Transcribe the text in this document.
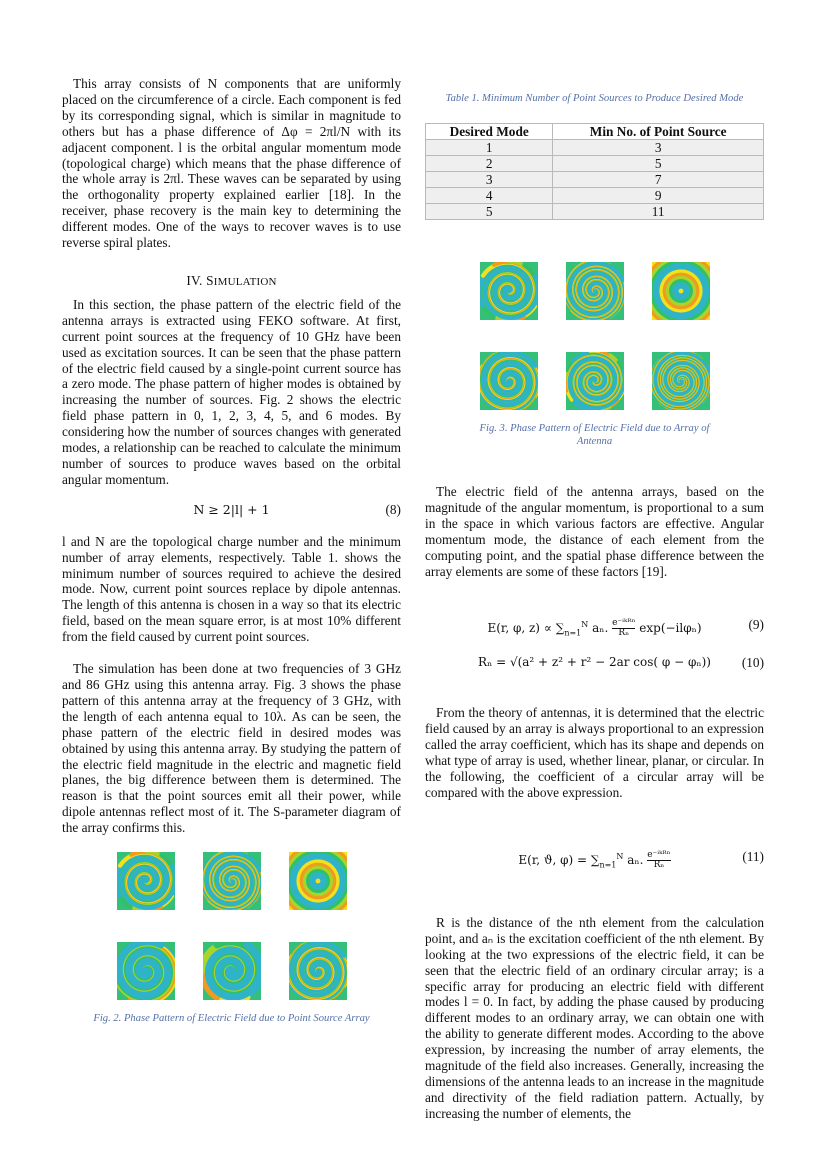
This array consists of N components that are uniformly placed on the circumference of a circle. Each component is fed by its corresponding signal, which is similar in magnitude to others but has a phase difference of Δφ = 2πl/N with its adjacent component. l is the orbital angular momentum mode (topological charge) which means that the phase difference of the whole array is 2πl. These waves can be separated by using the orthogonality property explained earlier [18]. In the receiver, phase recovery is the main key to determining the different modes. One of the ways to recover waves is to use reverse spiral plates.

IV. SIMULATION

In this section, the phase pattern of the electric field of the antenna arrays is extracted using FEKO software. At first, current point sources at the frequency of 10 GHz have been used as excitation sources. It can be seen that the phase pattern of the electric field caused by a single-point current source has a zero mode. The phase pattern of higher modes is obtained by increasing the number of sources. Fig. 2 shows the electric field phase pattern in 0, 1, 2, 3, 4, 5, and 6 modes. By considering how the number of sources changes with generated modes, a relationship can be reached to calculate the minimum number of sources to produce waves based on the orbital angular momentum.

N ≥ 2|l| + 1	(8)

l and N are the topological charge number and the minimum number of array elements, respectively. Table 1. shows the minimum number of sources required to achieve the desired mode. Now, current point sources replace by dipole antennas. The length of this antenna is chosen in a way so that its electric field, based on the mean square error, is at most 10% different from the field caused by current point sources.

The simulation has been done at two frequencies of 3 GHz and 86 GHz using this antenna array. Fig. 3 shows the phase pattern of this antenna array at the frequency of 3 GHz, with the length of each antenna equal to 10λ. As can be seen, the phase pattern of the electric field in desired modes was obtained by using this antenna array. By studying the pattern of the electric field magnitude in the electric and magnetic field planes, the big difference between them is determined. The reason is that the point sources emit all their power, while dipole antennas reflect most of it. The S-parameter diagram of the array confirms this.

Fig. 2. Phase Pattern of Electric Field due to Point Source Array
Table 1. Minimum Number of Point Sources to Produce Desired Mode
Desired Mode	Min No. of Point Source
1	3
2	5
3	7
4	9
5	11
Fig. 3. Phase Pattern of Electric Field due to Array of Antenna

The electric field of the antenna arrays, based on the magnitude of the angular momentum, is proportional to a sum in the space in which various factors are effective. Angular momentum mode, the distance of each element from the computing point, and the spatial phase difference between the array elements are some of these factors [19].

E(r, φ, $z) \propto \sum_{n=1}^N$ aₙ. $\frac{\text{e⁻ⁱᵏᴿⁿ}}{\text{Rₙ}} \exp(-il\varphi_n)$	(9)
Rₙ = √(a² + z² + r² − 2ar cos( φ − φₙ))	(10)

From the theory of antennas, it is determined that the electric field caused by an array is always proportional to an expression called the array coefficient, which has its shape and depends on what type of array is used, whether linear, planar, or circular. In the following, the coefficient of a circular array will be compared with the above expression.

E(r, ϑ, $\varphi) = \sum_{n=1}^N$ aₙ. $\frac{\text{e⁻ⁱᵏᴿⁿ}}{\text{Rₙ}}$	(11)

R is the distance of the nth element from the calculation point, and aₙ is the excitation coefficient of the nth element. By looking at the two expressions of the electric field, it can be seen that the electric field of an ordinary circular array; is a specific array for producing an electric field with different modes l = 0. In fact, by adding the phase caused by producing different modes to an ordinary array, we can obtain one with the ability to generate different modes. According to the above expression, by increasing the number of array elements, the magnitude of the field also increases. Generally, increasing the dimensions of the antenna leads to an increase in the magnitude and directivity of the field radiation pattern. Actually, by increasing the number of elements, the
